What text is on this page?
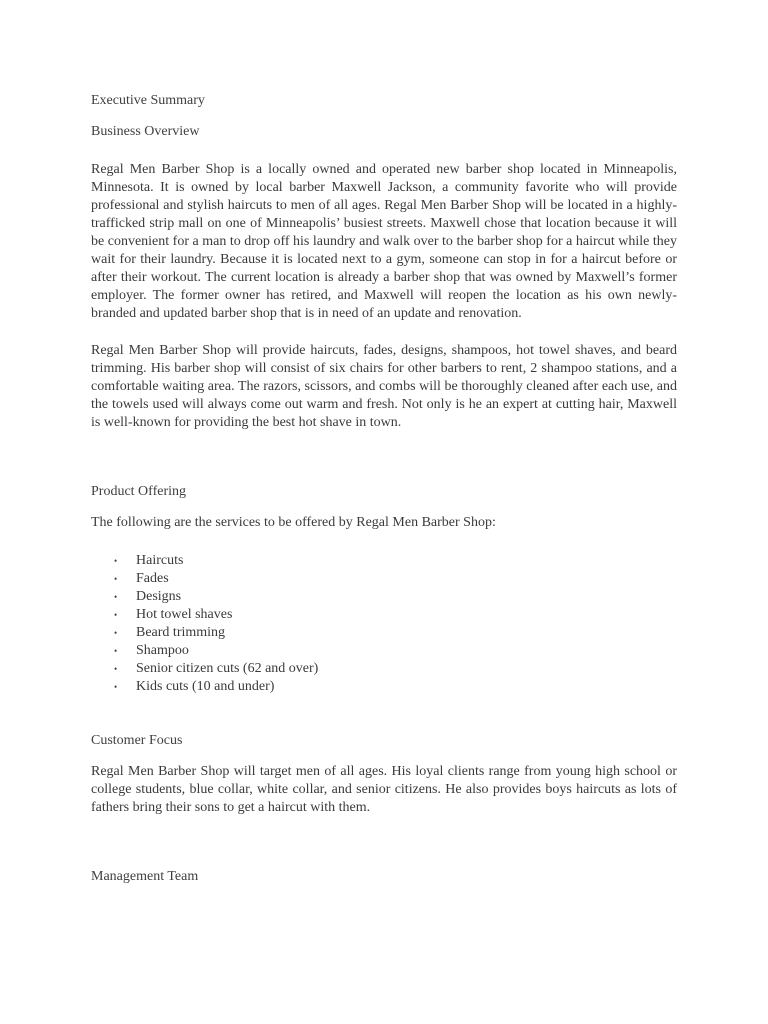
Executive Summary
Business Overview

Regal Men Barber Shop is a locally owned and operated new barber shop located in Minneapolis, Minnesota. It is owned by local barber Maxwell Jackson, a community favorite who will provide professional and stylish haircuts to men of all ages. Regal Men Barber Shop will be located in a highly-trafficked strip mall on one of Minneapolis’ busiest streets. Maxwell chose that location because it will be convenient for a man to drop off his laundry and walk over to the barber shop for a haircut while they wait for their laundry. Because it is located next to a gym, someone can stop in for a haircut before or after their workout. The current location is already a barber shop that was owned by Maxwell’s former employer. The former owner has retired, and Maxwell will reopen the location as his own newly-branded and updated barber shop that is in need of an update and renovation.

Regal Men Barber Shop will provide haircuts, fades, designs, shampoos, hot towel shaves, and beard trimming. His barber shop will consist of six chairs for other barbers to rent, 2 shampoo stations, and a comfortable waiting area. The razors, scissors, and combs will be thoroughly cleaned after each use, and the towels used will always come out warm and fresh. Not only is he an expert at cutting hair, Maxwell is well-known for providing the best hot shave in town.

Product Offering

The following are the services to be offered by Regal Men Barber Shop:

• Haircuts
• Fades
• Designs
• Hot towel shaves
• Beard trimming
• Shampoo
• Senior citizen cuts (62 and over)
• Kids cuts (10 and under)
Customer Focus

Regal Men Barber Shop will target men of all ages. His loyal clients range from young high school or college students, blue collar, white collar, and senior citizens. He also provides boys haircuts as lots of fathers bring their sons to get a haircut with them.

Management Team
